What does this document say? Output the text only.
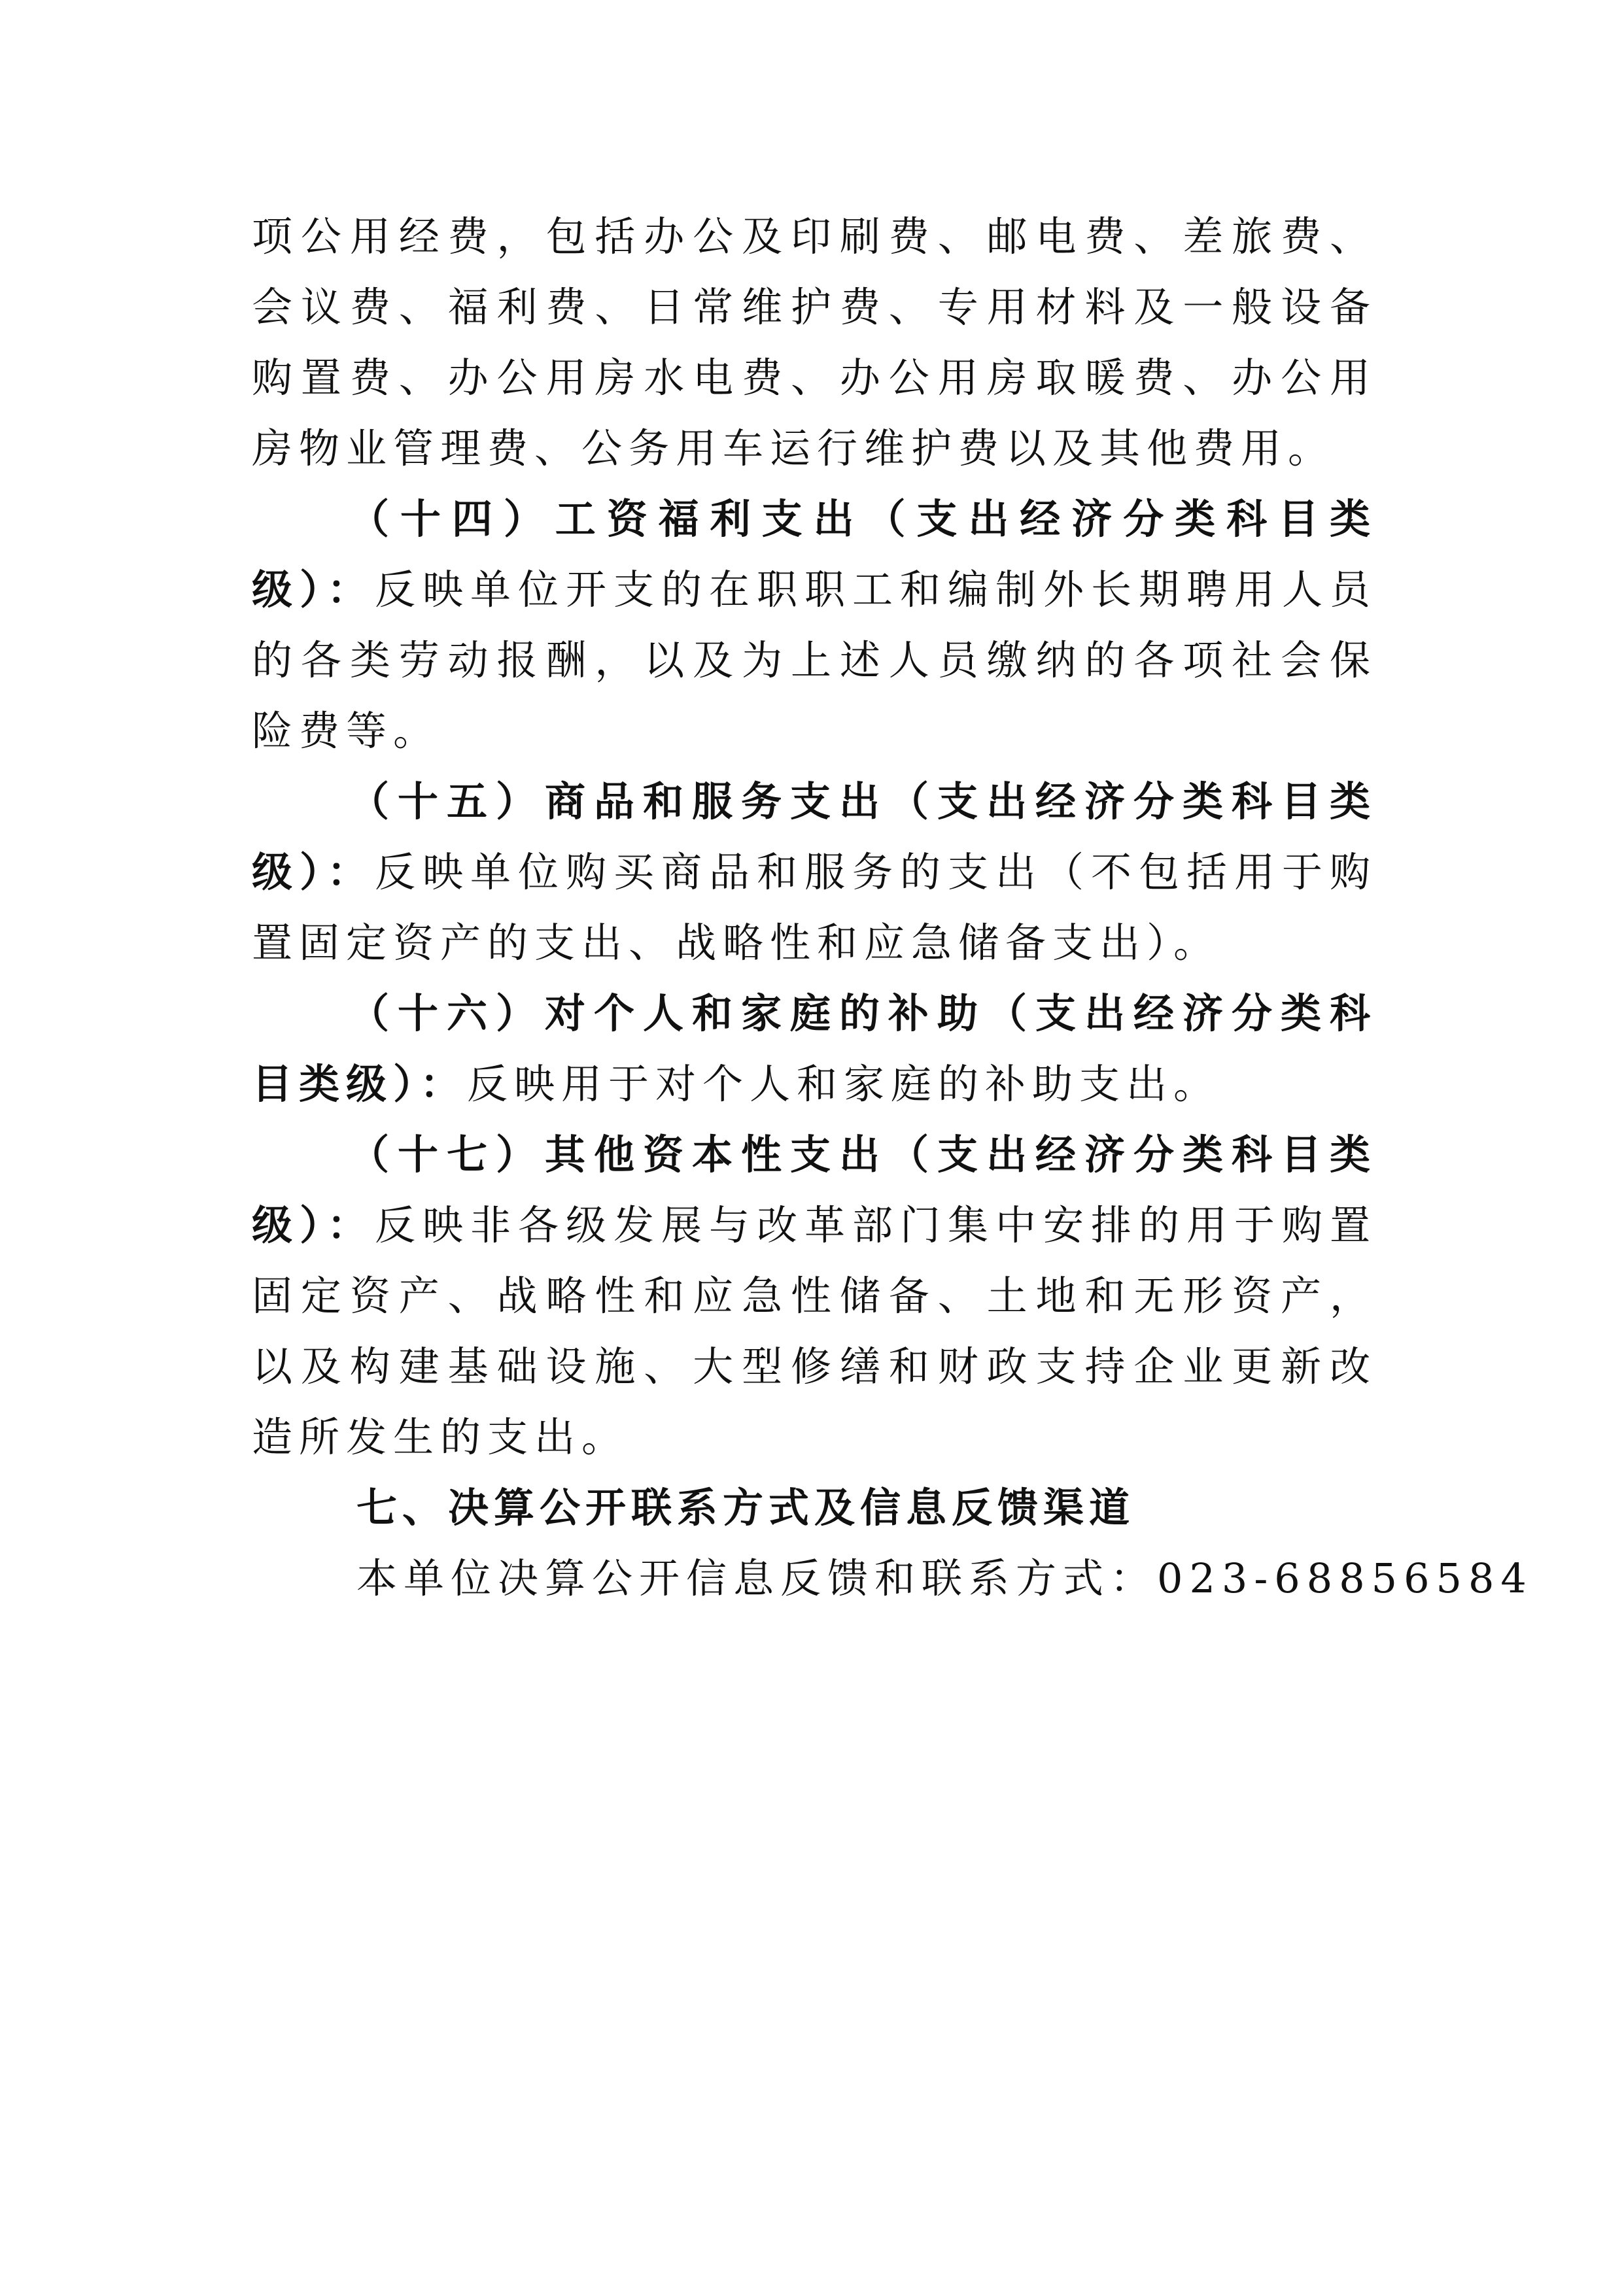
项公用经费，包括办公及印刷费、邮电费、差旅费、会议费、福利费、日常维护费、专用材料及一般设备购置费、办公用房水电费、办公用房取暖费、办公用房物业管理费、公务用车运行维护费以及其他费用。

（十四）工资福利支出（支出经济分类科目类级）：反映单位开支的在职职工和编制外长期聘用人员的各类劳动报酬，以及为上述人员缴纳的各项社会保险费等。

（十五）商品和服务支出（支出经济分类科目类级）：反映单位购买商品和服务的支出（不包括用于购置固定资产的支出、战略性和应急储备支出）。

（十六）对个人和家庭的补助（支出经济分类科目类级）：反映用于对个人和家庭的补助支出。

（十七）其他资本性支出（支出经济分类科目类级）：反映非各级发展与改革部门集中安排的用于购置固定资产、战略性和应急性储备、土地和无形资产，以及构建基础设施、大型修缮和财政支持企业更新改造所发生的支出。

七、决算公开联系方式及信息反馈渠道

本单位决算公开信息反馈和联系方式：023-68856584
